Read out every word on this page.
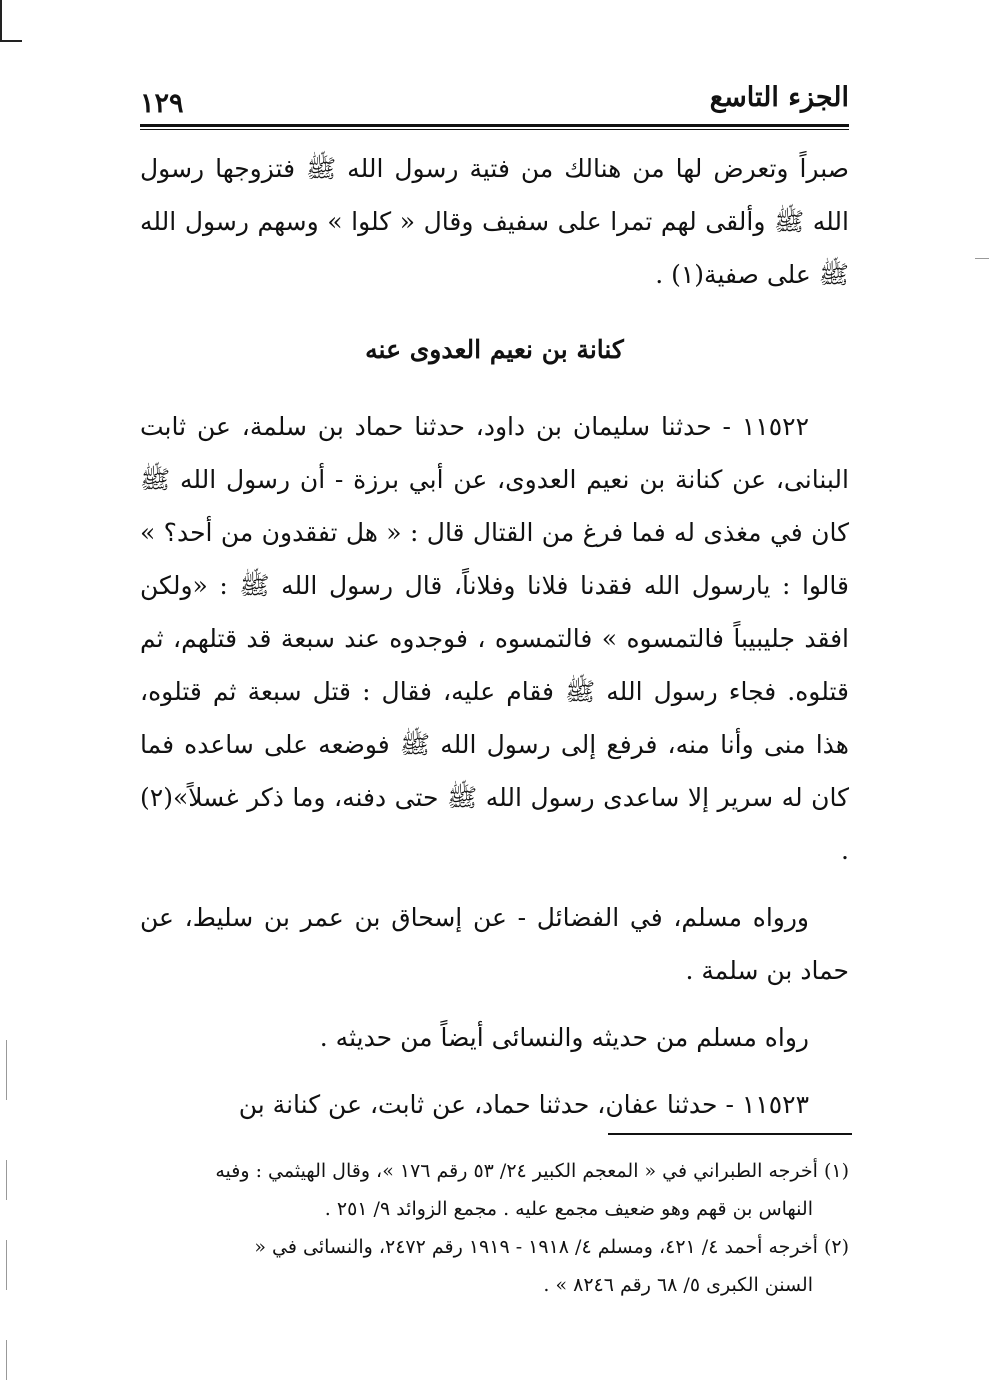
الجزء التاسع
١٢٩

صبراً وتعرض لها من هنالك من فتية رسول الله ﷺ فتزوجها رسول الله ﷺ وألقى لهم تمرا على سفيف وقال « كلوا » وسهم رسول الله ﷺ على صفية(١) .

كنانة بن نعيم العدوى عنه

١١٥٢٢ - حدثنا سليمان بن داود، حدثنا حماد بن سلمة، عن ثابت البنانى، عن كنانة بن نعيم العدوى، عن أبي برزة - أن رسول الله ﷺ كان في مغذى له فما فرغ من القتال قال : « هل تفقدون من أحد؟ » قالوا : يارسول الله فقدنا فلانا وفلاناً، قال رسول الله ﷺ : «ولكن افقد جليبيباً فالتمسوه » فالتمسوه ، فوجدوه عند سبعة قد قتلهم، ثم قتلوه. فجاء رسول الله ﷺ فقام عليه، فقال : قتل سبعة ثم قتلوه، هذا منى وأنا منه، فرفع إلى رسول الله ﷺ فوضعه على ساعده فما كان له سرير إلا ساعدى رسول الله ﷺ حتى دفنه، وما ذكر غسلاً»(٢) .

ورواه مسلم، في الفضائل - عن إسحاق بن عمر بن سليط، عن حماد بن سلمة .

رواه مسلم من حديثه والنسائى أيضاً من حديثه .

١١٥٢٣ - حدثنا عفان، حدثنا حماد، عن ثابت، عن كنانة بن

(١) أخرجه الطبراني في « المعجم الكبير ٢٤/ ٥٣ رقم ١٧٦ »، وقال الهيثمي : وفيه

النهاس بن قهم وهو ضعيف مجمع عليه . مجمع الزوائد ٩/ ٢٥١ .

(٢) أخرجه أحمد ٤/ ٤٢١، ومسلم ٤/ ١٩١٨ - ١٩١٩ رقم ٢٤٧٢، والنسائى في «

السنن الكبرى ٥/ ٦٨ رقم ٨٢٤٦ » .
